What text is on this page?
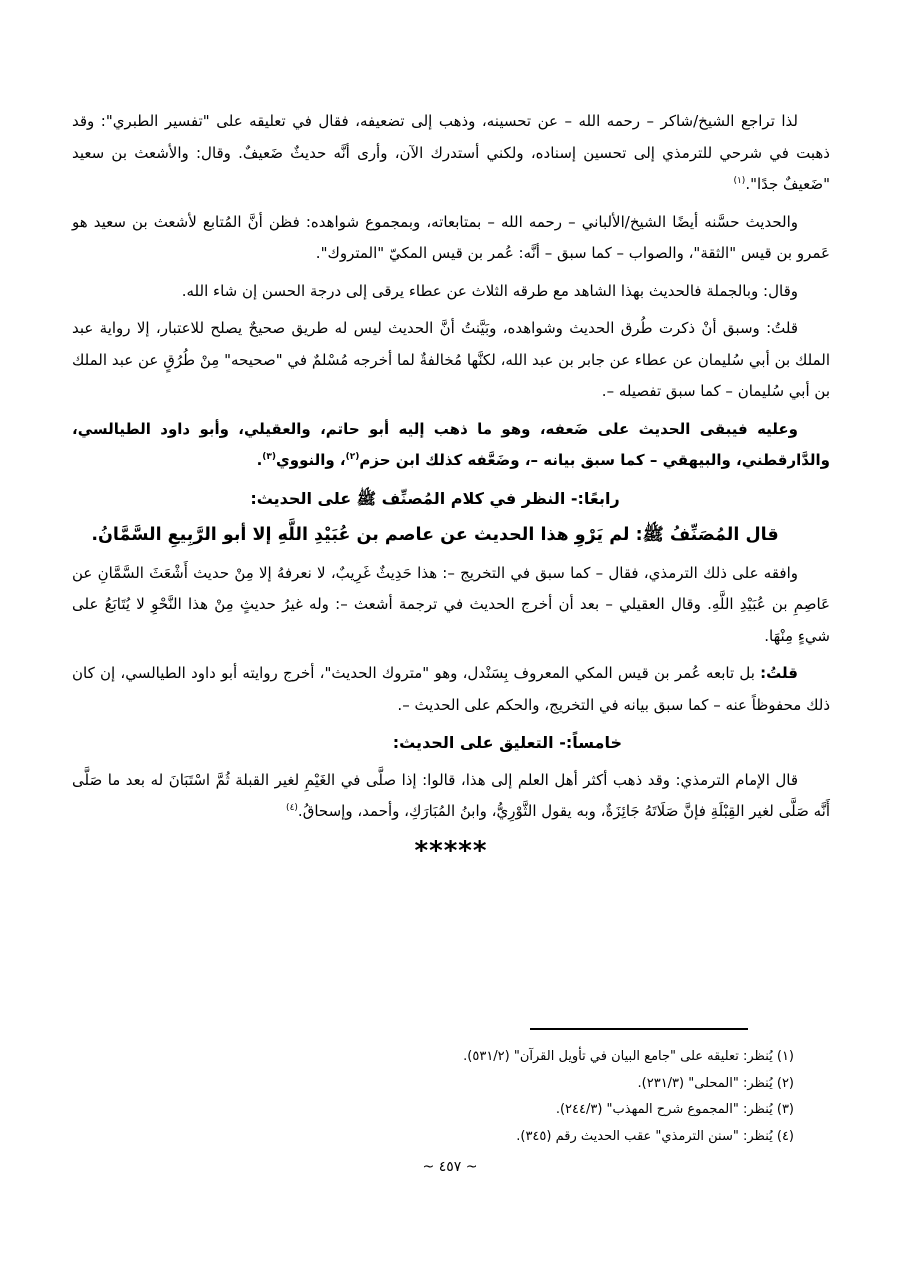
لذا تراجع الشيخ/شاكر – رحمه الله – عن تحسينه، وذهب إلى تضعيفه، فقال في تعليقه على "تفسير الطبري": وقد ذهبت في شرحي للترمذي إلى تحسين إسناده، ولكني أستدرك الآن، وأرى أنَّه حديثٌ ضَعيفٌ. وقال: والأشعث بن سعيد "ضَعيفٌ جدًا".$^{(١)}$

والحديث حسَّنه أيضًا الشيخ/الألباني – رحمه الله – بمتابعاته، وبمجموع شواهده: فظن أنَّ المُتابع لأشعث بن سعيد هو عَمرو بن قيس "الثقة"، والصواب – كما سبق – أنَّه: عُمر بن قيس المكيّ "المتروك".

وقال: وبالجملة فالحديث بهذا الشاهد مع طرقه الثلاث عن عطاء يرقى إلى درجة الحسن إن شاء الله.

قلتُ: وسبق أنْ ذكرت طُرق الحديث وشواهده، وبَيَّنتُ أنَّ الحديث ليس له طريق صحيحٌ يصلح للاعتبار، إلا رواية عبد الملك بن أبي سُليمان عن عطاء عن جابر بن عبد الله، لكنَّها مُخالفةٌ لما أخرجه مُسْلمٌ في "صحيحه" مِنْ طُرُقٍ عن عبد الملك بن أبي سُليمان – كما سبق تفصيله –.

وعليه فيبقى الحديث على ضَعفه، وهو ما ذهب إليه أبو حاتم، والعقيلي، وأبو داود الطيالسي، والدَّارقطني، والبيهقي – كما سبق بيانه –، وضَعَّفه كذلك ابن حزم$^{(٢)}$، والنووي$^{(٣)}$.

رابعًا:- النظر في كلام المُصنِّف ﷺ على الحديث:

قال المُصَنِّفُ ﷺ: لم يَرْوِ هذا الحديث عن عاصم بن عُبَيْدِ اللَّهِ إلا أبو الرَّبِيعِ السَّمَّانُ.

وافقه على ذلك الترمذي، فقال – كما سبق في التخريج –: هذا حَدِيثٌ غَرِيبٌ، لا نعرفهُ إلا مِنْ حديث أَشْعَثَ السَّمَّانِ عن عَاصِمِ بن عُبَيْدِ اللَّهِ. وقال العقيلي – بعد أن أخرج الحديث في ترجمة أشعث –: وله غيرُ حديثٍ مِنْ هذا النَّحْوِ لا يُتَابَعُ على شيءٍ مِنْهَا.

قلتُ: بل تابعه عُمر بن قيس المكي المعروف بِسَنْدل، وهو "متروك الحديث"، أخرج روايته أبو داود الطيالسي، إن كان ذلك محفوظاً عنه – كما سبق بيانه في التخريج، والحكم على الحديث –.

خامساً:- التعليق على الحديث:

قال الإمام الترمذي: وقد ذهب أكثر أهل العلم إلى هذا، قالوا: إذا صلَّى في الغَيْمِ لغير القبلة ثُمَّ اسْتَبَانَ له بعد ما صَلَّى أَنَّه صَلَّى لغير القِبْلَةِ فإنَّ صَلَاتَهُ جَائِزَةٌ، وبه يقول الثَّوْرِيُّ، وابنُ المُبَارَكِ، وأحمد، وإسحاقُ.$^{(٤)}$

*****

(١) يُنظر: تعليقه على "جامع البيان في تأويل القرآن" (٥٣١/٢).

(٢) يُنظر: "المحلى" (٢٣١/٣).

(٣) يُنظر: "المجموع شرح المهذب" (٢٤٤/٣).

(٤) يُنظر: "سنن الترمذي" عقب الحديث رقم (٣٤٥).

~ ٤٥٧ ~
